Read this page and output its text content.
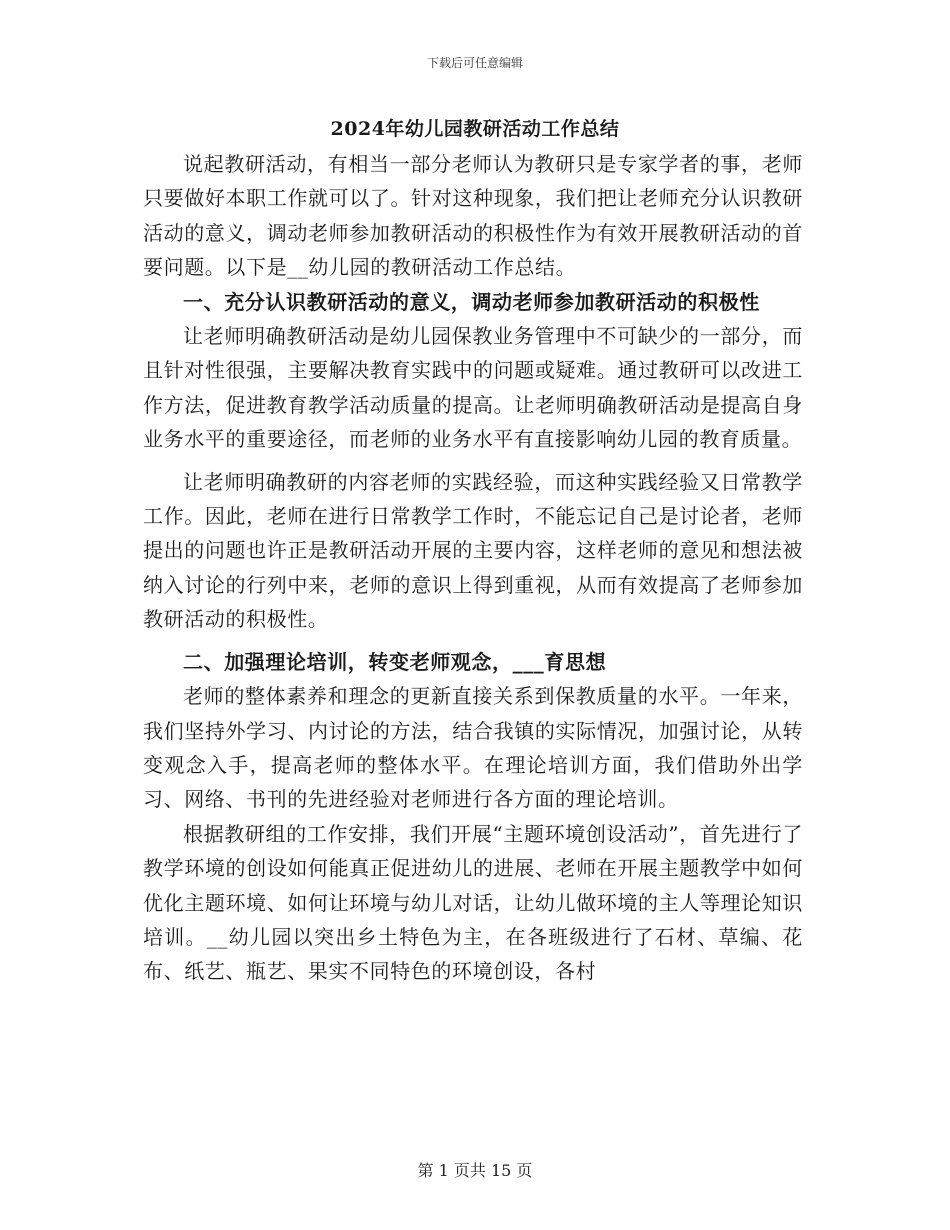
下载后可任意编辑
2024年幼儿园教研活动工作总结

说起教研活动，有相当一部分老师认为教研只是专家学者的事，老师只要做好本职工作就可以了。针对这种现象，我们把让老师充分认识教研活动的意义，调动老师参加教研活动的积极性作为有效开展教研活动的首要问题。以下是__幼儿园的教研活动工作总结。

一、充分认识教研活动的意义，调动老师参加教研活动的积极性

让老师明确教研活动是幼儿园保教业务管理中不可缺少的一部分，而且针对性很强，主要解决教育实践中的问题或疑难。通过教研可以改进工作方法，促进教育教学活动质量的提高。让老师明确教研活动是提高自身业务水平的重要途径，而老师的业务水平有直接影响幼儿园的教育质量。

让老师明确教研的内容老师的实践经验，而这种实践经验又日常教学工作。因此，老师在进行日常教学工作时，不能忘记自己是讨论者，老师提出的问题也许正是教研活动开展的主要内容，这样老师的意见和想法被纳入讨论的行列中来，老师的意识上得到重视，从而有效提高了老师参加教研活动的积极性。

二、加强理论培训，转变老师观念，___育思想

老师的整体素养和理念的更新直接关系到保教质量的水平。一年来，我们坚持外学习、内讨论的方法，结合我镇的实际情况，加强讨论，从转变观念入手，提高老师的整体水平。在理论培训方面，我们借助外出学习、网络、书刊的先进经验对老师进行各方面的理论培训。

根据教研组的工作安排，我们开展“主题环境创设活动”，首先进行了教学环境的创设如何能真正促进幼儿的进展、老师在开展主题教学中如何优化主题环境、如何让环境与幼儿对话，让幼儿做环境的主人等理论知识培训。__幼儿园以突出乡土特色为主，在各班级进行了石材、草编、花布、纸艺、瓶艺、果实不同特色的环境创设，各村

第 1 页共 15 页
